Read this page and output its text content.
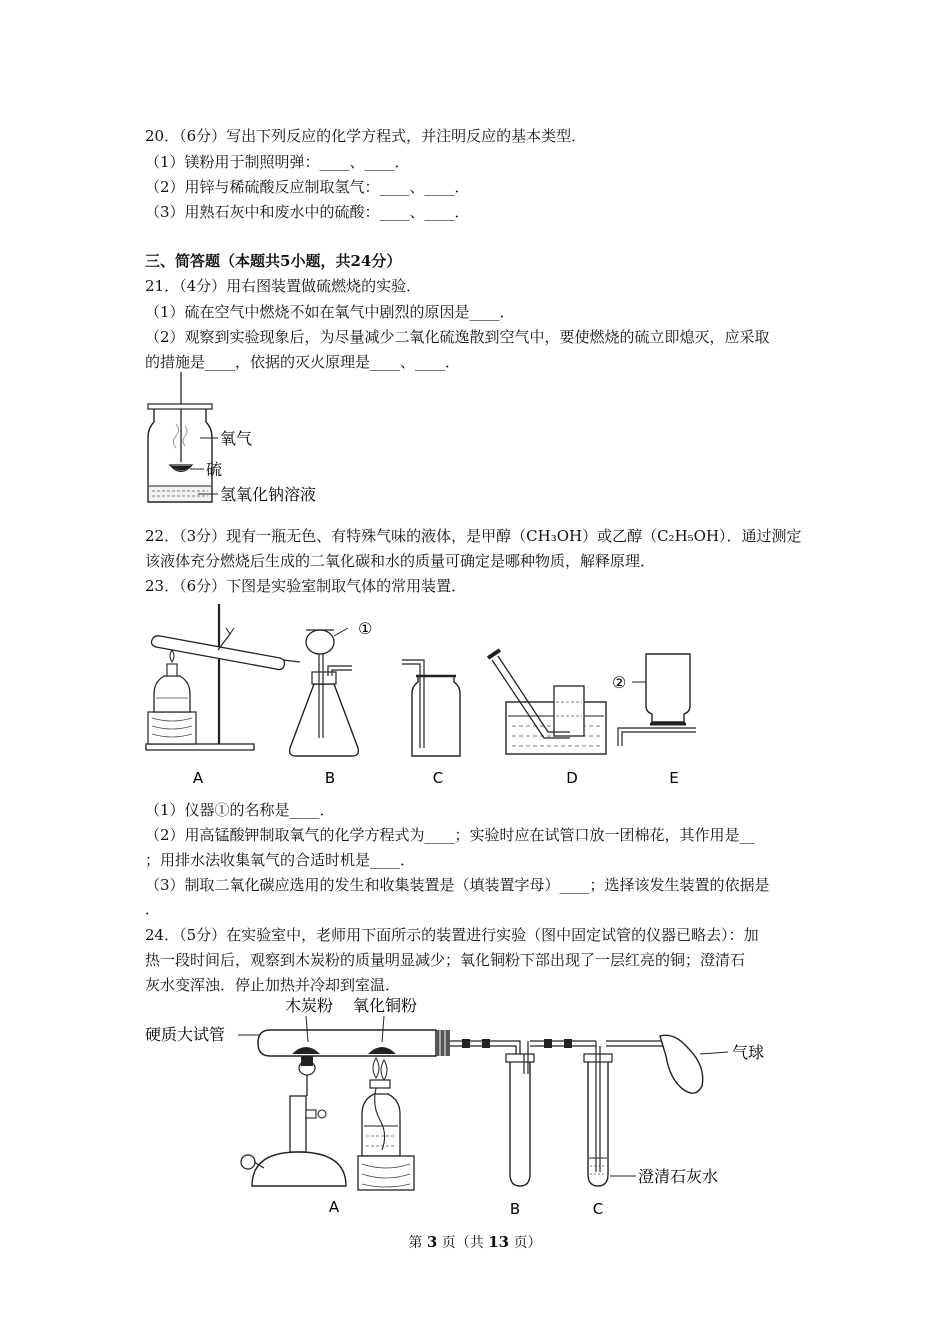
20．（6分）写出下列反应的化学方程式，并注明反应的基本类型．
（1）镁粉用于制照明弹：____、____．
（2）用锌与稀硫酸反应制取氢气：____、____．
（3）用熟石灰中和废水中的硫酸：____、____．
三、简答题（本题共5小题，共24分）
21．（4分）用右图装置做硫燃烧的实验．
（1）硫在空气中燃烧不如在氧气中剧烈的原因是____．
（2）观察到实验现象后，为尽量减少二氧化硫逸散到空气中，要使燃烧的硫立即熄灭，应采取
的措施是____，依据的灭火原理是____、____．
氧气
硫
氢氧化钠溶液
22．（3分）现有一瓶无色、有特殊气味的液体，是甲醇（CH₃OH）或乙醇（C₂H₅OH）．通过测定
该液体充分燃烧后生成的二氧化碳和水的质量可确定是哪种物质，解释原理．
23．（6分）下图是实验室制取气体的常用装置．
A
①
B	C	D
②
E
（1）仪器①的名称是____．
（2）用高锰酸钾制取氧气的化学方程式为____；实验时应在试管口放一团棉花，其作用是__
；用排水法收集氧气的合适时机是____．
（3）制取二氧化碳应选用的发生和收集装置是（填装置字母）____；选择该发生装置的依据是
．
24．（5分）在实验室中，老师用下面所示的装置进行实验（图中固定试管的仪器已略去）：加
热一段时间后，观察到木炭粉的质量明显减少；氧化铜粉下部出现了一层红亮的铜；澄清石
灰水变浑浊．停止加热并冷却到室温．
木炭粉 氧化铜粉
硬质大试管
B
澄清石灰水
C
气球
A
第 3 页（共 13 页）
